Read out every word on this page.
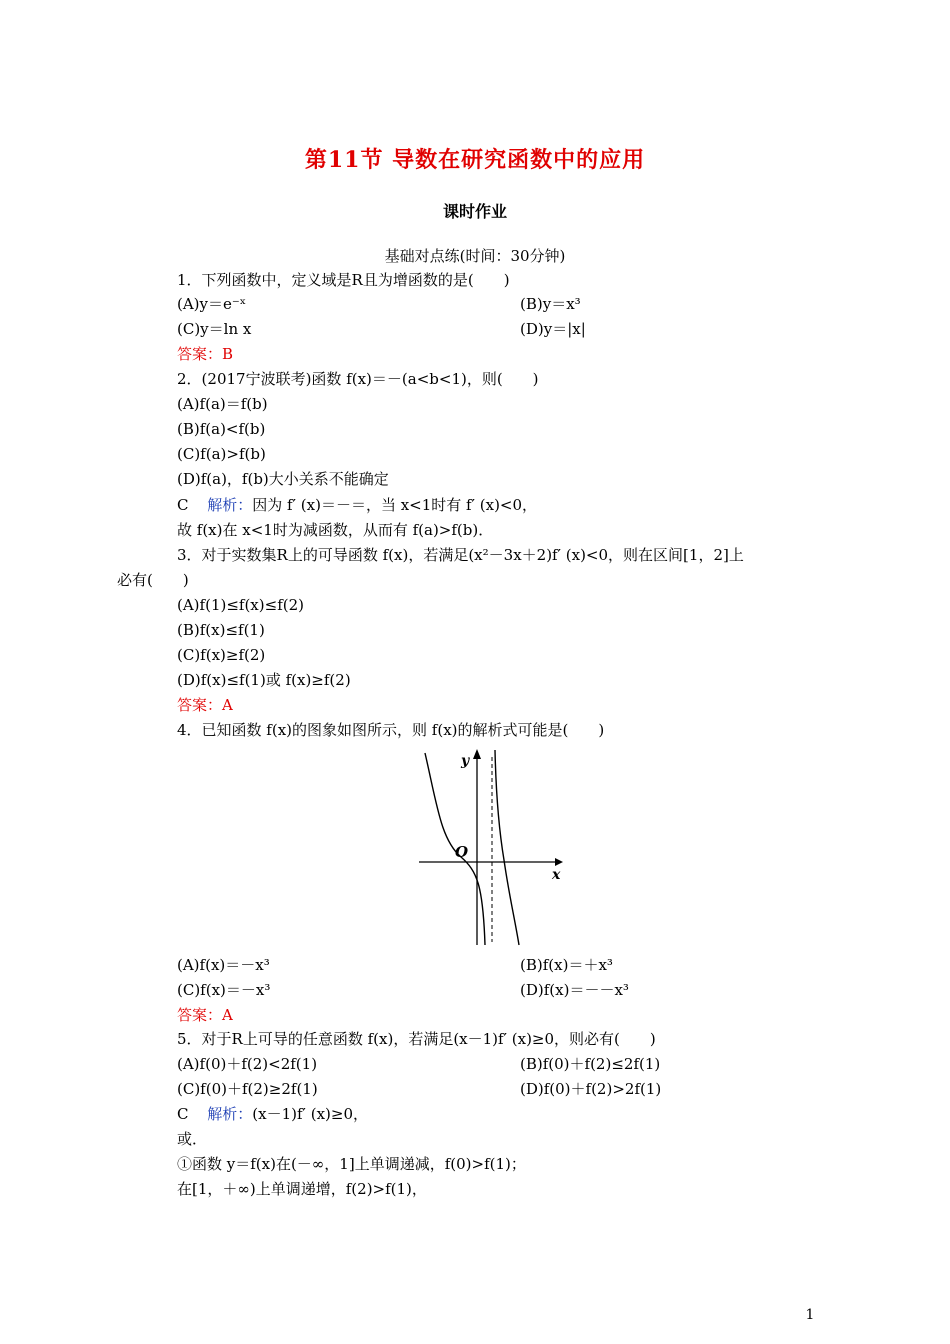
第11节 导数在研究函数中的应用
课时作业
基础对点练(时间：30分钟)
1．下列函数中，定义域是R且为增函数的是(　　)
(A)y＝e⁻ˣ	(B)y＝x³
(C)y＝ln x	(D)y＝|x|
答案：B
2．(2017宁波联考)函数 f(x)＝－(a<b<1)，则(　　)
(A)f(a)＝f(b)
(B)f(a)<f(b)
(C)f(a)>f(b)
(D)f(a)，f(b)大小关系不能确定
C 解析：因为 f′ (x)＝－＝，当 x<1时有 f′ (x)<0，
故 f(x)在 x<1时为减函数，从而有 f(a)>f(b)．
3．对于实数集R上的可导函数 f(x)，若满足(x²－3x＋2)f′ (x)<0，则在区间[1，2]上
必有(　　)
(A)f(1)≤f(x)≤f(2)
(B)f(x)≤f(1)
(C)f(x)≥f(2)
(D)f(x)≤f(1)或 f(x)≥f(2)
答案：A
4．已知函数 f(x)的图象如图所示，则 f(x)的解析式可能是(　　)
y
x
O
(A)f(x)＝－x³	(B)f(x)＝＋x³
(C)f(x)＝－x³	(D)f(x)＝－－x³
答案：A
5．对于R上可导的任意函数 f(x)，若满足(x－1)f′ (x)≥0，则必有(　　)
(A)f(0)＋f(2)<2f(1)	(B)f(0)＋f(2)≤2f(1)
(C)f(0)＋f(2)≥2f(1)	(D)f(0)＋f(2)>2f(1)
C 解析：(x－1)f′ (x)≥0，
或．
①函数 y＝f(x)在(－∞，1]上单调递减，f(0)>f(1)；
在[1，＋∞)上单调递增，f(2)>f(1)，
1
